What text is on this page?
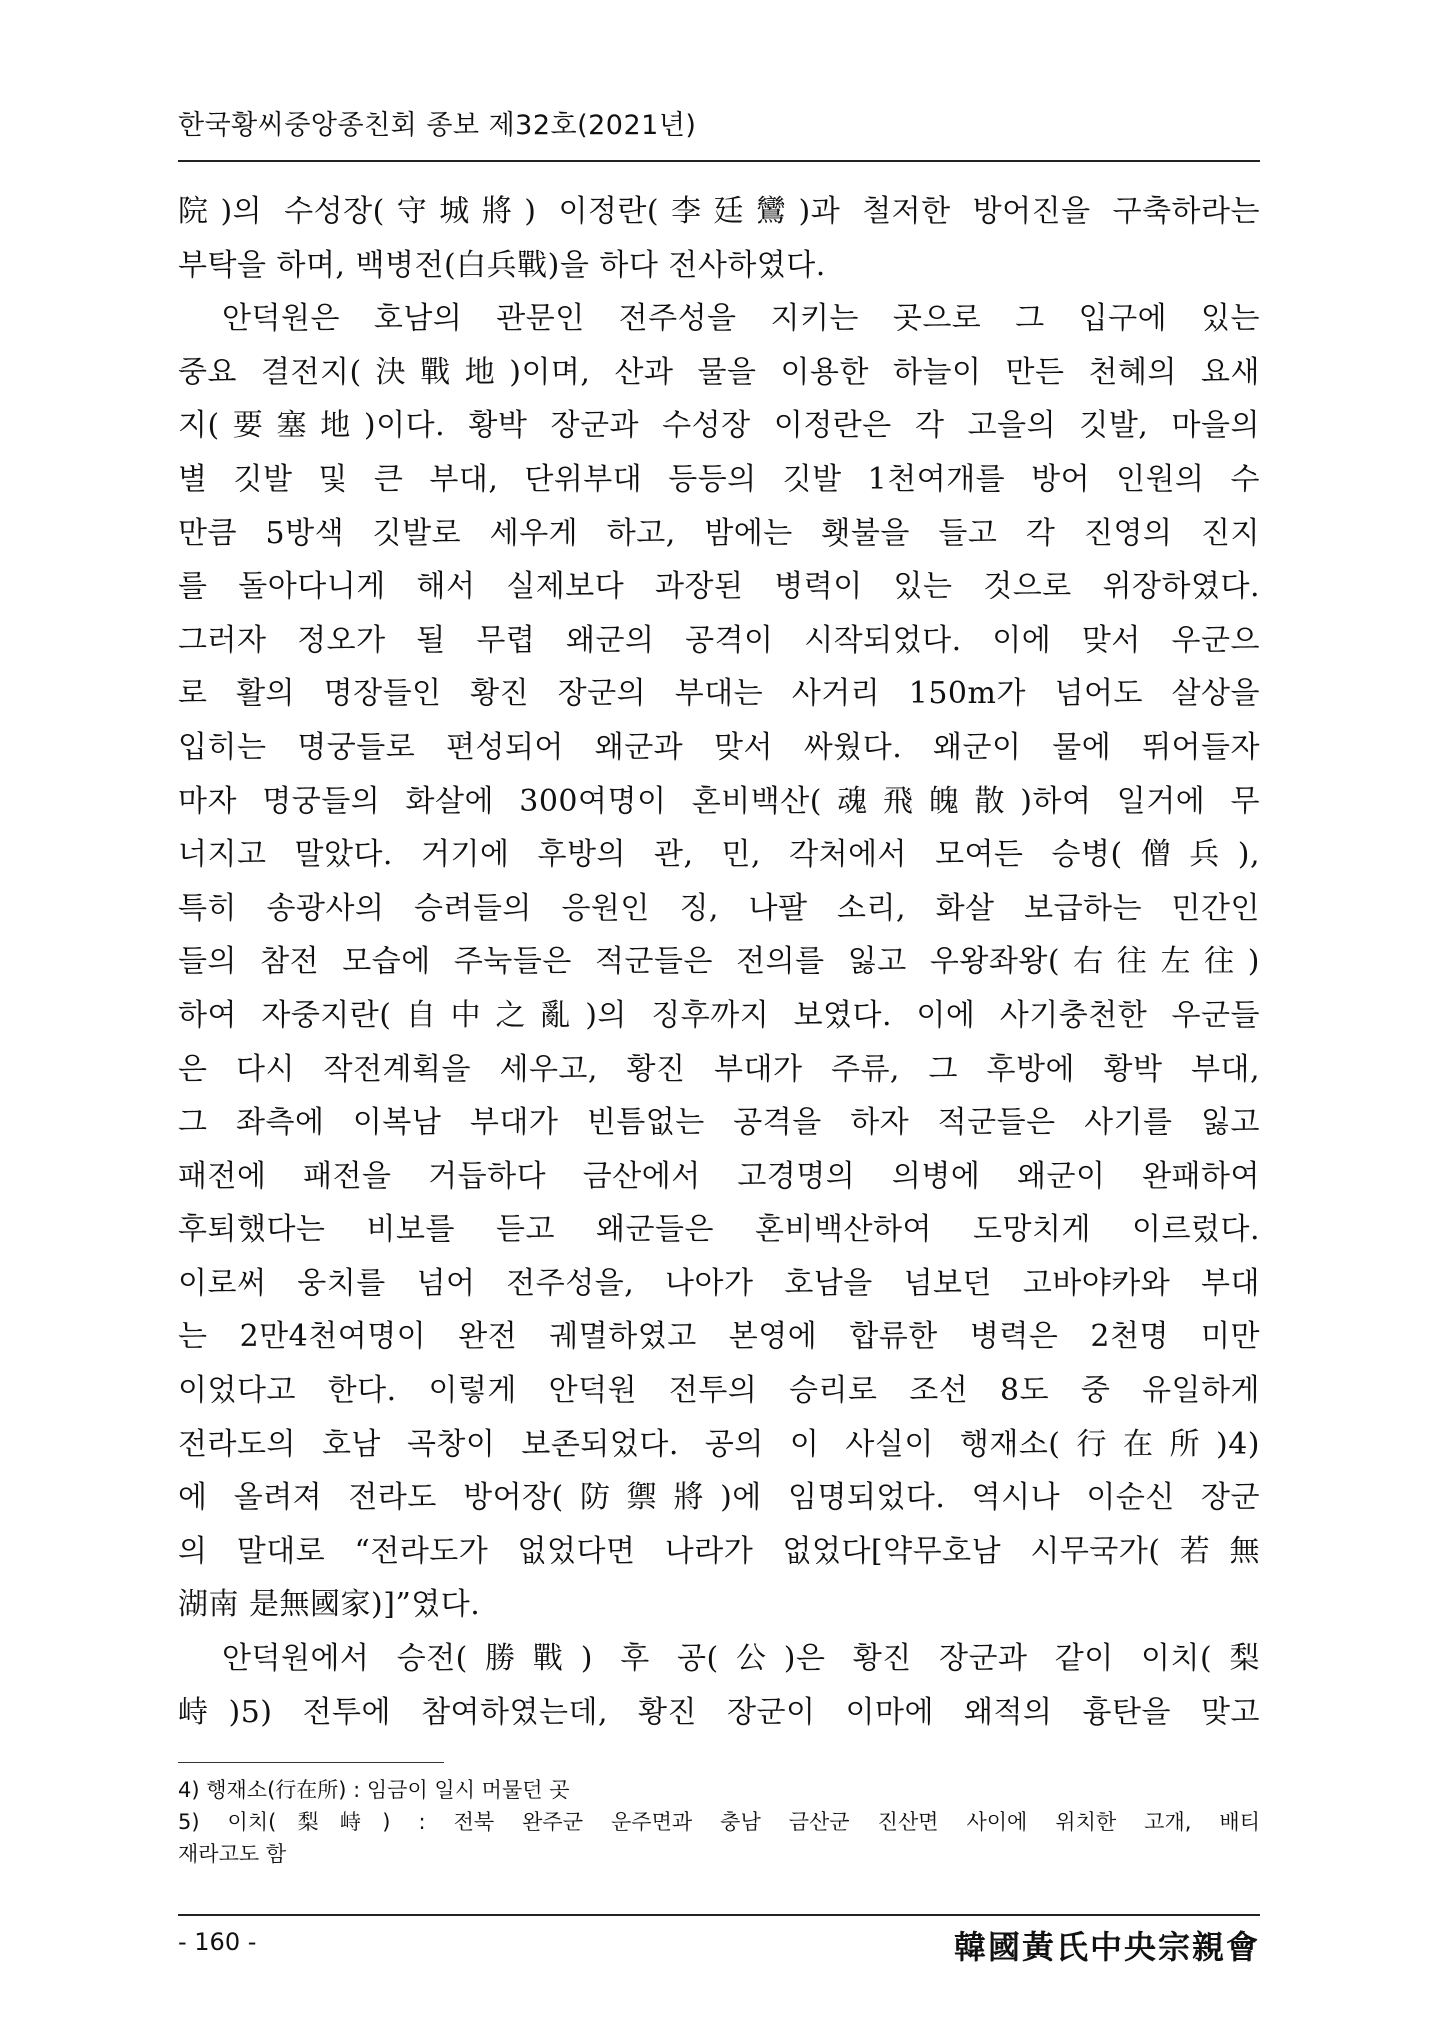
한국황씨중앙종친회 종보 제32호(2021년)
院)의 수성장(守城將) 이정란(李廷鸞)과 철저한 방어진을 구축하라는
부탁을 하며, 백병전(白兵戰)을 하다 전사하였다.
안덕원은 호남의 관문인 전주성을 지키는 곳으로 그 입구에 있는
중요 결전지(決戰地)이며, 산과 물을 이용한 하늘이 만든 천혜의 요새
지(要塞地)이다. 황박 장군과 수성장 이정란은 각 고을의 깃발, 마을의
별 깃발 및 큰 부대, 단위부대 등등의 깃발 1천여개를 방어 인원의 수
만큼 5방색 깃발로 세우게 하고, 밤에는 횃불을 들고 각 진영의 진지
를 돌아다니게 해서 실제보다 과장된 병력이 있는 것으로 위장하였다.
그러자 정오가 될 무렵 왜군의 공격이 시작되었다. 이에 맞서 우군으
로 활의 명장들인 황진 장군의 부대는 사거리 150m가 넘어도 살상을
입히는 명궁들로 편성되어 왜군과 맞서 싸웠다. 왜군이 물에 뛰어들자
마자 명궁들의 화살에 300여명이 혼비백산(魂飛魄散)하여 일거에 무
너지고 말았다. 거기에 후방의 관, 민, 각처에서 모여든 승병(僧兵),
특히 송광사의 승려들의 응원인 징, 나팔 소리, 화살 보급하는 민간인
들의 참전 모습에 주눅들은 적군들은 전의를 잃고 우왕좌왕(右往左往)
하여 자중지란(自中之亂)의 징후까지 보였다. 이에 사기충천한 우군들
은 다시 작전계획을 세우고, 황진 부대가 주류, 그 후방에 황박 부대,
그 좌측에 이복남 부대가 빈틈없는 공격을 하자 적군들은 사기를 잃고
패전에 패전을 거듭하다 금산에서 고경명의 의병에 왜군이 완패하여
후퇴했다는 비보를 듣고 왜군들은 혼비백산하여 도망치게 이르렀다.
이로써 웅치를 넘어 전주성을, 나아가 호남을 넘보던 고바야카와 부대
는 2만4천여명이 완전 궤멸하였고 본영에 합류한 병력은 2천명 미만
이었다고 한다. 이렇게 안덕원 전투의 승리로 조선 8도 중 유일하게
전라도의 호남 곡창이 보존되었다. 공의 이 사실이 행재소(行在所)4)
에 올려져 전라도 방어장(防禦將)에 임명되었다. 역시나 이순신 장군
의 말대로 “전라도가 없었다면 나라가 없었다[약무호남 시무국가(若無
湖南 是無國家)]”였다.
안덕원에서 승전(勝戰) 후 공(公)은 황진 장군과 같이 이치(梨
峙)5) 전투에 참여하였는데, 황진 장군이 이마에 왜적의 흉탄을 맞고
4) 행재소(行在所) : 임금이 일시 머물던 곳
5) 이치(梨峙) : 전북 완주군 운주면과 충남 금산군 진산면 사이에 위치한 고개, 배티
재라고도 함
- 160 -	韓國黃氏中央宗親會
